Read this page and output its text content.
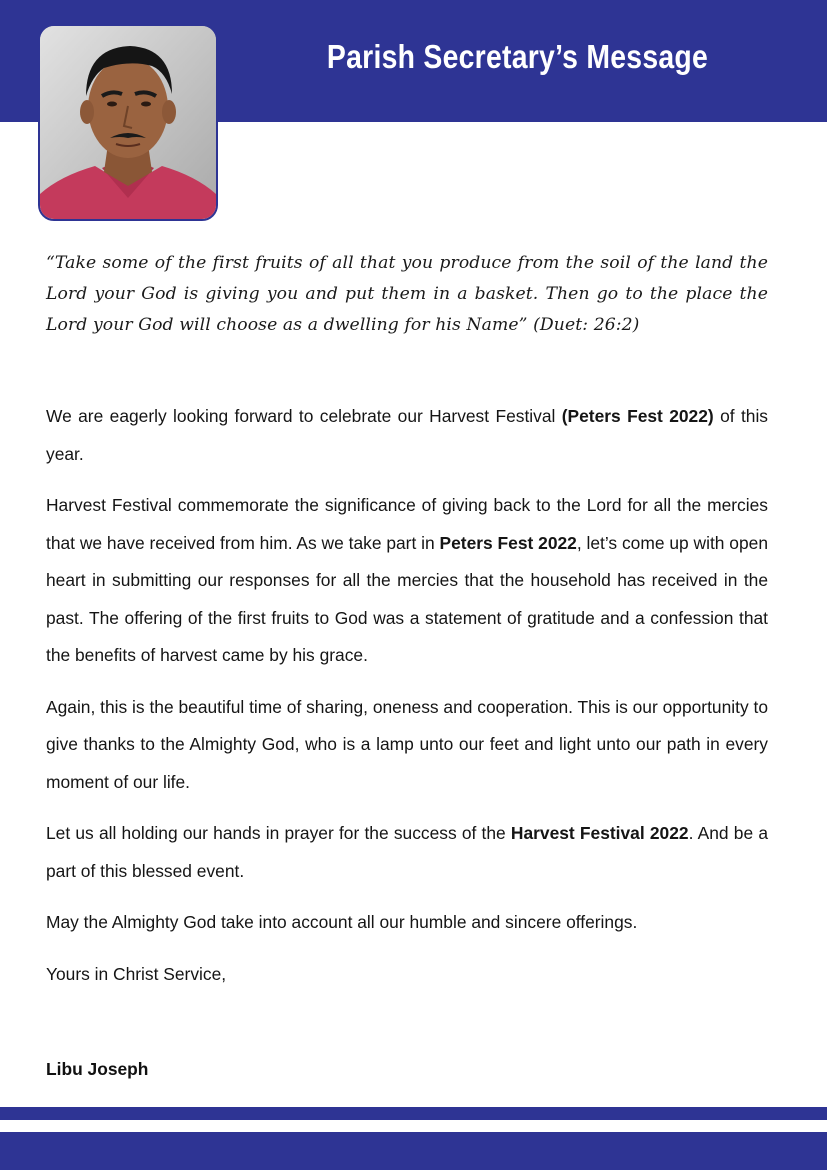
Parish Secretary’s Message
“Take some of the first fruits of all that you produce from the soil of the land the Lord your God is giving you and put them in a basket. Then go to the place the Lord your God will choose as a dwelling for his Name” (Duet: 26:2)

We are eagerly looking forward to celebrate our Harvest Festival (Peters Fest 2022) of this year.

Harvest Festival commemorate the significance of giving back to the Lord for all the mercies that we have received from him. As we take part in Peters Fest 2022, let’s come up with open heart in submitting our responses for all the mercies that the household has received in the past. The offering of the first fruits to God was a statement of gratitude and a confession that the benefits of harvest came by his grace.

Again, this is the beautiful time of sharing, oneness and cooperation. This is our opportunity to give thanks to the Almighty God, who is a lamp unto our feet and light unto our path in every moment of our life.

Let us all holding our hands in prayer for the success of the Harvest Festival 2022. And be a part of this blessed event.

May the Almighty God take into account all our humble and sincere offerings.

Yours in Christ Service,

Libu Joseph
